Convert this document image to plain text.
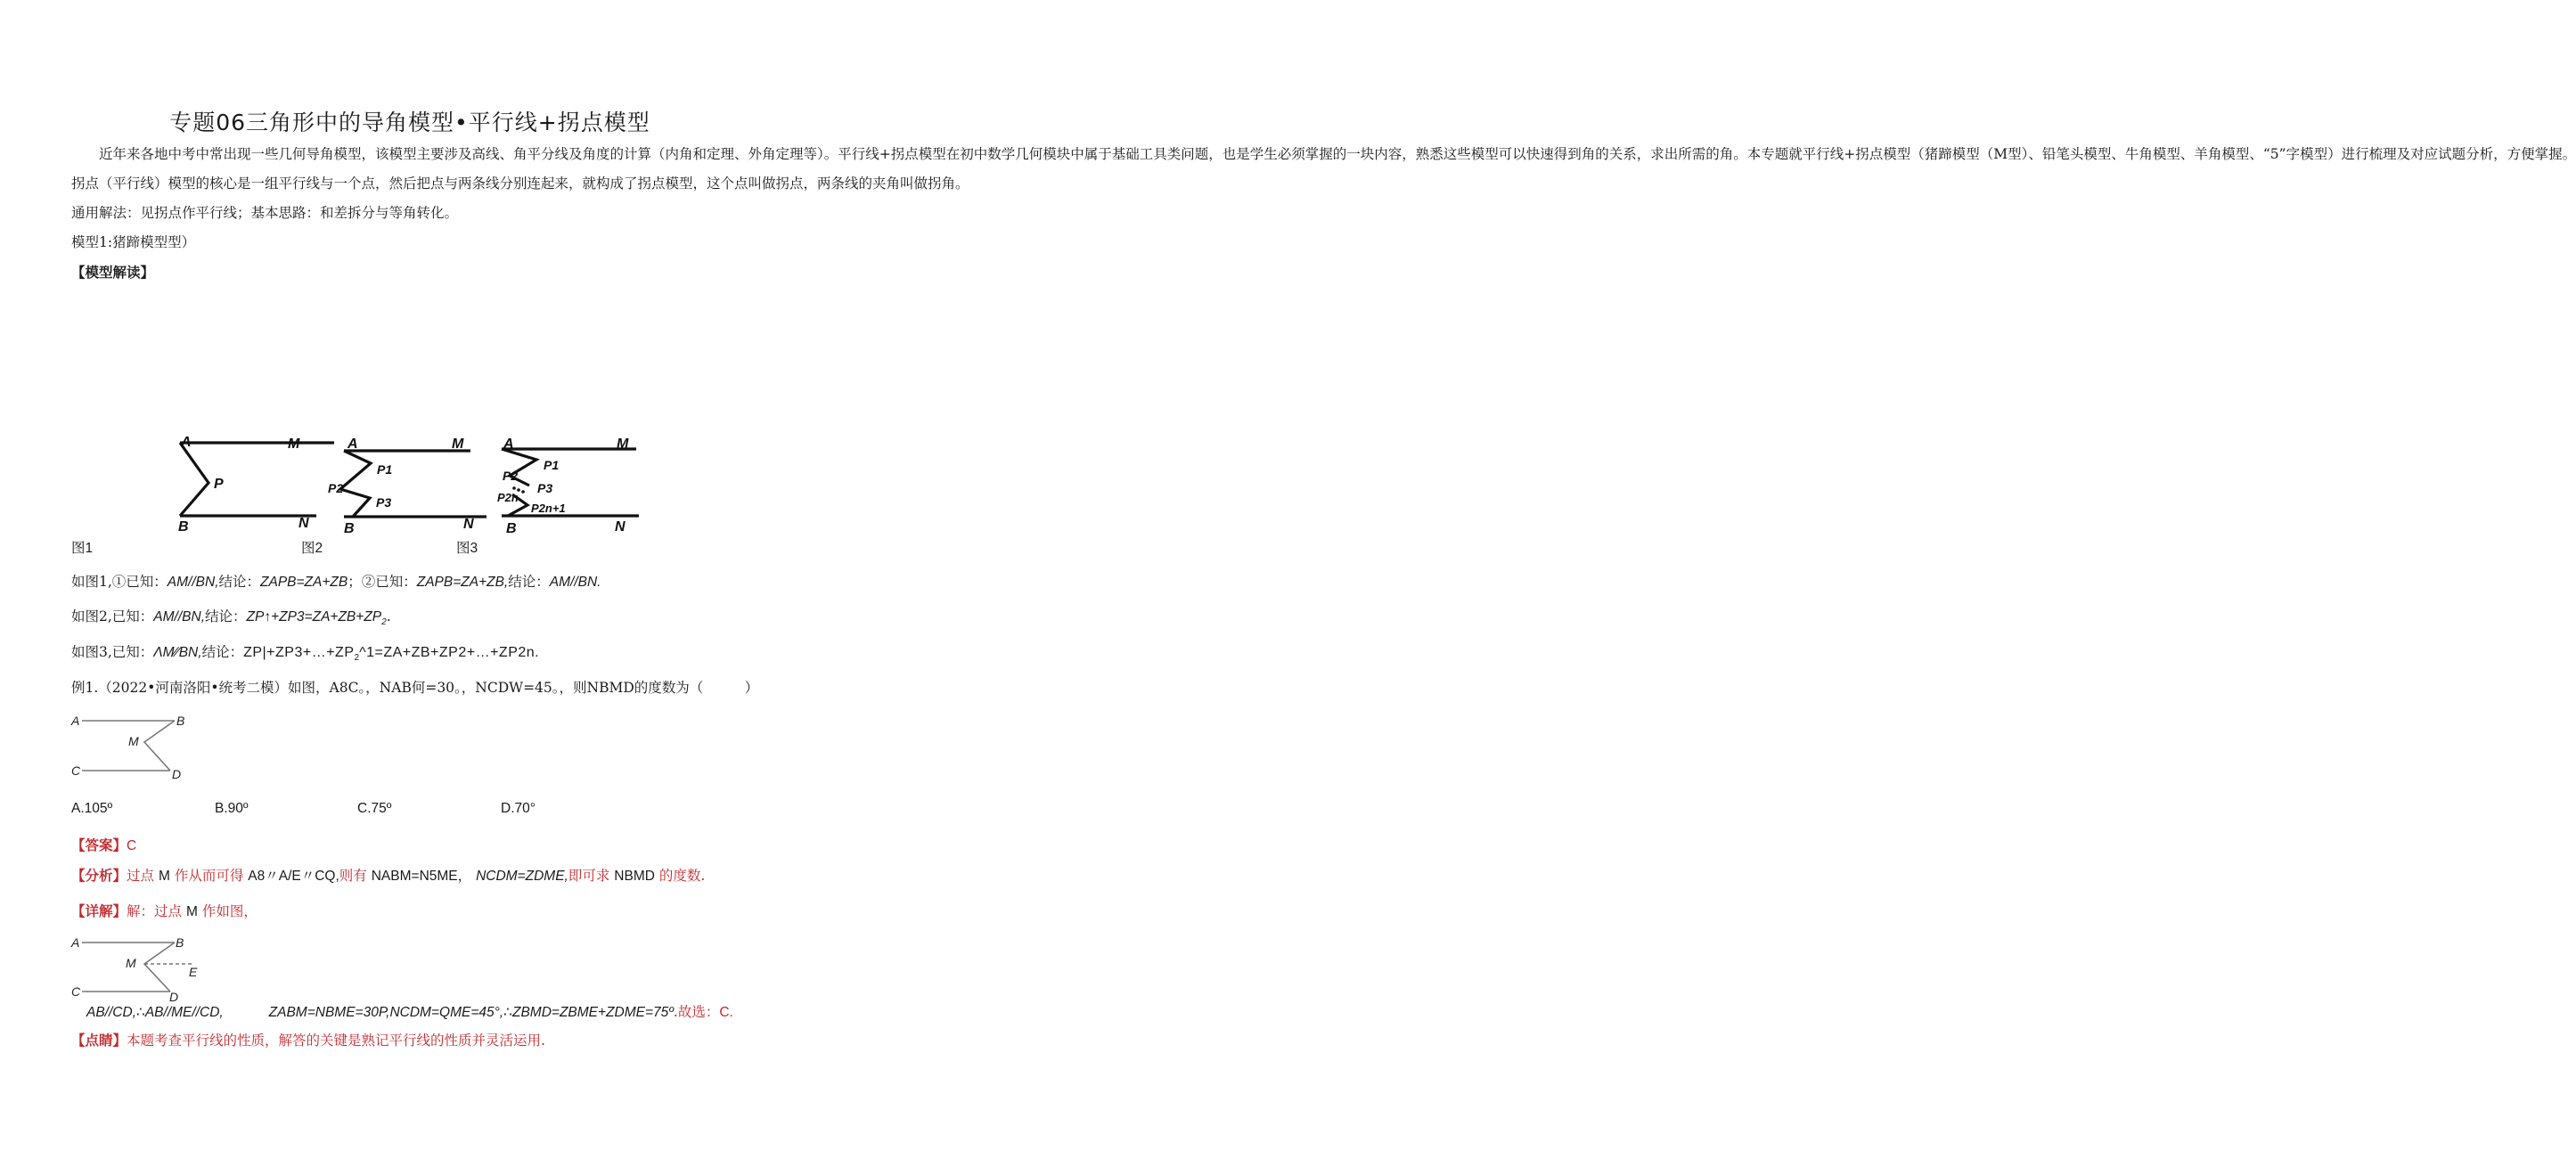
专题06三角形中的导角模型•平行线+拐点模型

近年来各地中考中常出现一些几何导角模型，该模型主要涉及高线、角平分线及角度的计算（内角和定理、外角定理等）。平行线+拐点模型在初中数学几何模块中属于基础工具类问题，也是学生必须掌握的一块内容，熟悉这些模型可以快速得到角的关系，求出所需的角。本专题就平行线+拐点模型（猪蹄模型（M型）、铅笔头模型、牛角模型、羊角模型、“5”字模型）进行梳理及对应试题分析，方便掌握。

拐点（平行线）模型的核心是一组平行线与一个点，然后把点与两条线分别连起来，就构成了拐点模型，这个点叫做拐点，两条线的夹角叫做拐角。

通用解法：见拐点作平行线；基本思路：和差拆分与等角转化。

模型1:猪蹄模型型）

【模型解读】

A	M
P
B	N
A	M
P1
P2
P3
B	N
A	M
P1
P2
P3
P2n
P2n+1
B	N
图1	图2	图3
如图1,①已知：AM//BN,结论：ZAPB=ZA+ZB；②已知：ZAPB=ZA+ZB,结论：AM//BN.
如图2,已知：AM//BN,结论：$ZP↑+ZP3=ZA+ZB+ZP_2$.
如图3,已知：ΛM∕∕BN,结论：$ZP|+ZP3+\dots+ZP_2\^{}1=ZA+ZB+ZP2+\dots+ZP2n$.
例1.（2022•河南洛阳•统考二模）如图，A8C。，NAB何=30。，NCDW=45。，则NBMD的度数为（　　　）
A	B
M
C	D
A.105º	B.90º	C.75º	D.70°
【答案】C
【分析】过点 M 作从而可得 A8〃A/E〃CQ,则有 NABM=N5ME， NCDM=ZDME,即可求 NBMD 的度数.
【详解】解：过点 M 作如图，
A	B
M
E
C	D
AB//CD,∴AB//ME//CD,	ZABM=NBME=30P,NCDM=QME=45°,∴ZBMD=ZBME+ZDME=75º.故选：C.
【点睛】本题考查平行线的性质，解答的关键是熟记平行线的性质并灵活运用.
